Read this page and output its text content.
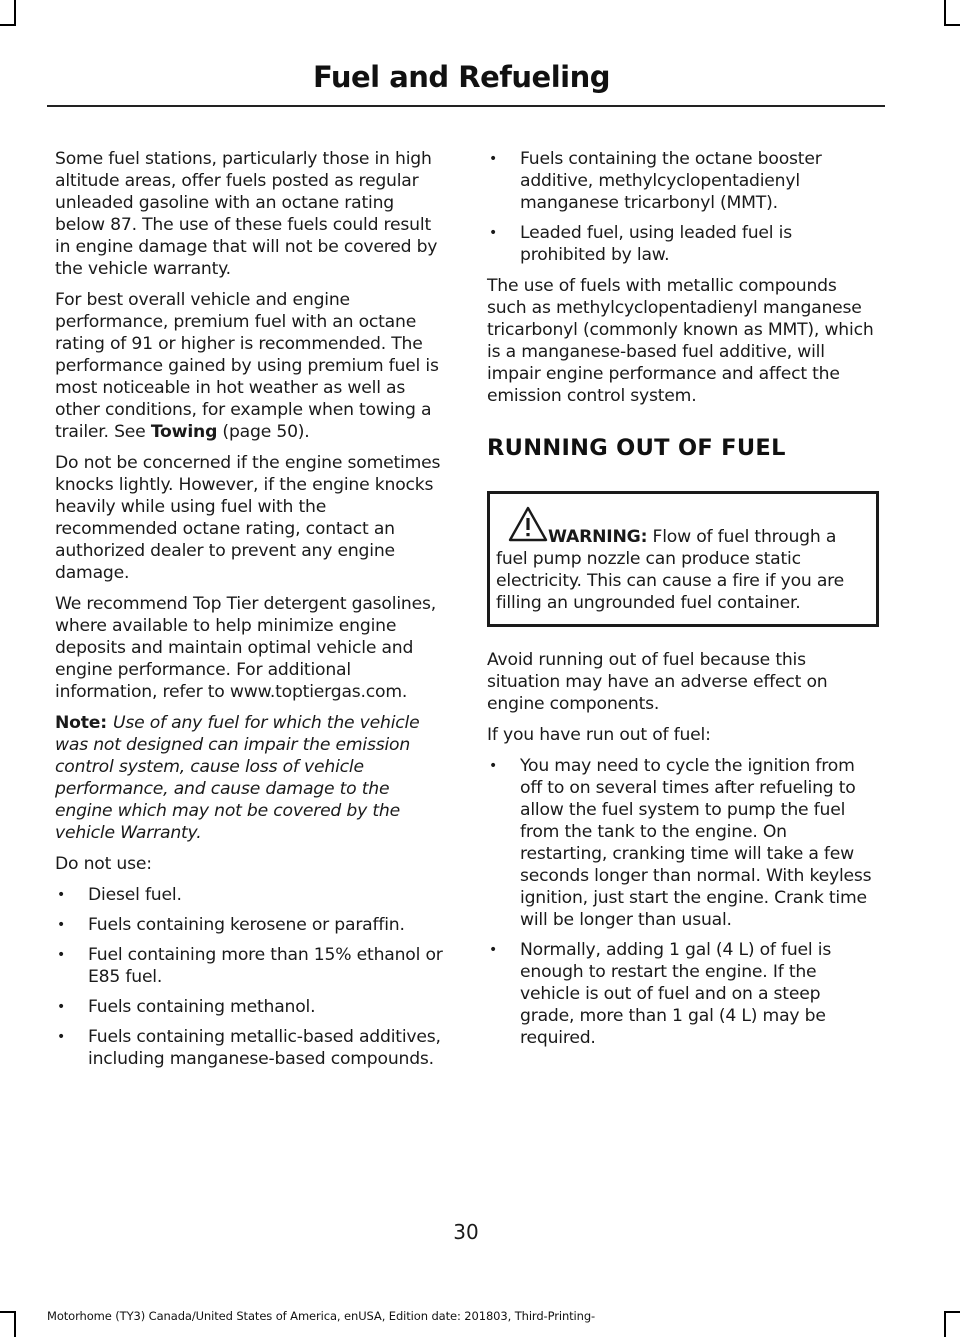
Fuel and Refueling

Some fuel stations, particularly those in high altitude areas, offer fuels posted as regular unleaded gasoline with an octane rating below 87. The use of these fuels could result in engine damage that will not be covered by the vehicle warranty.

For best overall vehicle and engine performance, premium fuel with an octane rating of 91 or higher is recommended. The performance gained by using premium fuel is most noticeable in hot weather as well as other conditions, for example when towing a trailer. See Towing (page 50).

Do not be concerned if the engine sometimes knocks lightly. However, if the engine knocks heavily while using fuel with the recommended octane rating, contact an authorized dealer to prevent any engine damage.

We recommend Top Tier detergent gasolines, where available to help minimize engine deposits and maintain optimal vehicle and engine performance. For additional information, refer to www.toptiergas.com.

Note: Use of any fuel for which the vehicle was not designed can impair the emission control system, cause loss of vehicle performance, and cause damage to the engine which may not be covered by the vehicle Warranty.

Do not use:

• Diesel fuel.
• Fuels containing kerosene or paraffin.
• Fuel containing more than 15% ethanol or E85 fuel.
• Fuels containing methanol.
• Fuels containing metallic-based additives, including manganese-based compounds.
• Fuels containing the octane booster additive, methylcyclopentadienyl manganese tricarbonyl (MMT).
• Leaded fuel, using leaded fuel is prohibited by law.

The use of fuels with metallic compounds such as methylcyclopentadienyl manganese tricarbonyl (commonly known as MMT), which is a manganese-based fuel additive, will impair engine performance and affect the emission control system.

RUNNING OUT OF FUEL
WARNING: Flow of fuel through a fuel pump nozzle can produce static electricity. This can cause a fire if you are filling an ungrounded fuel container.

Avoid running out of fuel because this situation may have an adverse effect on engine components.

If you have run out of fuel:

• You may need to cycle the ignition from off to on several times after refueling to allow the fuel system to pump the fuel from the tank to the engine. On restarting, cranking time will take a few seconds longer than normal. With keyless ignition, just start the engine. Crank time will be longer than usual.
• Normally, adding 1 gal (4 L) of fuel is enough to restart the engine. If the vehicle is out of fuel and on a steep grade, more than 1 gal (4 L) may be required.
30
Motorhome (TY3) Canada/United States of America, enUSA, Edition date: 201803, Third-Printing-
